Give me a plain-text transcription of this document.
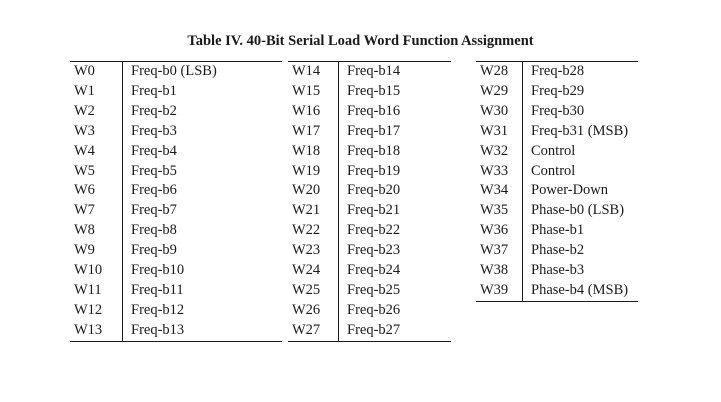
Table IV. 40-Bit Serial Load Word Function Assignment
W0	Freq-b0 (LSB)
W1	Freq-b1
W2	Freq-b2
W3	Freq-b3
W4	Freq-b4
W5	Freq-b5
W6	Freq-b6
W7	Freq-b7
W8	Freq-b8
W9	Freq-b9
W10	Freq-b10
W11	Freq-b11
W12	Freq-b12
W13	Freq-b13
W14	Freq-b14
W15	Freq-b15
W16	Freq-b16
W17	Freq-b17
W18	Freq-b18
W19	Freq-b19
W20	Freq-b20
W21	Freq-b21
W22	Freq-b22
W23	Freq-b23
W24	Freq-b24
W25	Freq-b25
W26	Freq-b26
W27	Freq-b27
W28	Freq-b28
W29	Freq-b29
W30	Freq-b30
W31	Freq-b31 (MSB)
W32	Control
W33	Control
W34	Power-Down
W35	Phase-b0 (LSB)
W36	Phase-b1
W37	Phase-b2
W38	Phase-b3
W39	Phase-b4 (MSB)
